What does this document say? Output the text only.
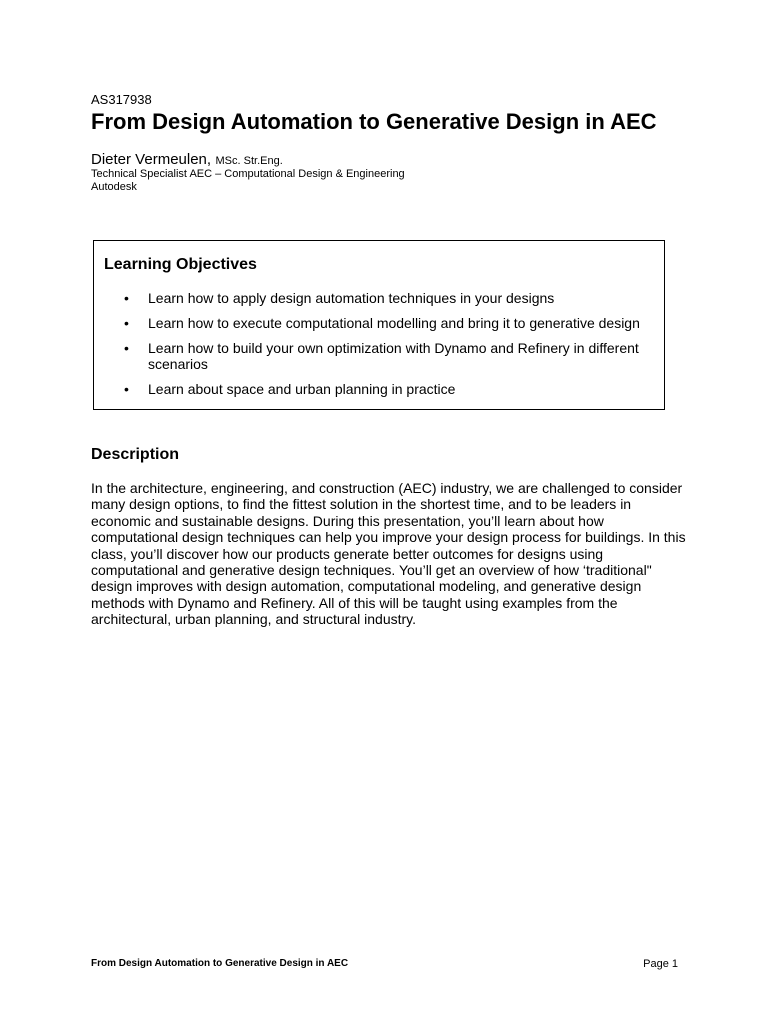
AS317938
From Design Automation to Generative Design in AEC
Dieter Vermeulen, MSc. Str.Eng.
Technical Specialist AEC – Computational Design & Engineering
Autodesk
Learning Objectives
• Learn how to apply design automation techniques in your designs
• Learn how to execute computational modelling and bring it to generative design
• Learn how to build your own optimization with Dynamo and Refinery in different scenarios
• Learn about space and urban planning in practice
Description

In the architecture, engineering, and construction (AEC) industry, we are challenged to consider many design options, to find the fittest solution in the shortest time, and to be leaders in economic and sustainable designs. During this presentation, you’ll learn about how computational design techniques can help you improve your design process for buildings. In this class, you’ll discover how our products generate better outcomes for designs using computational and generative design techniques. You’ll get an overview of how ‘traditional" design improves with design automation, computational modeling, and generative design methods with Dynamo and Refinery. All of this will be taught using examples from the architectural, urban planning, and structural industry.

From Design Automation to Generative Design in AEC	Page 1
